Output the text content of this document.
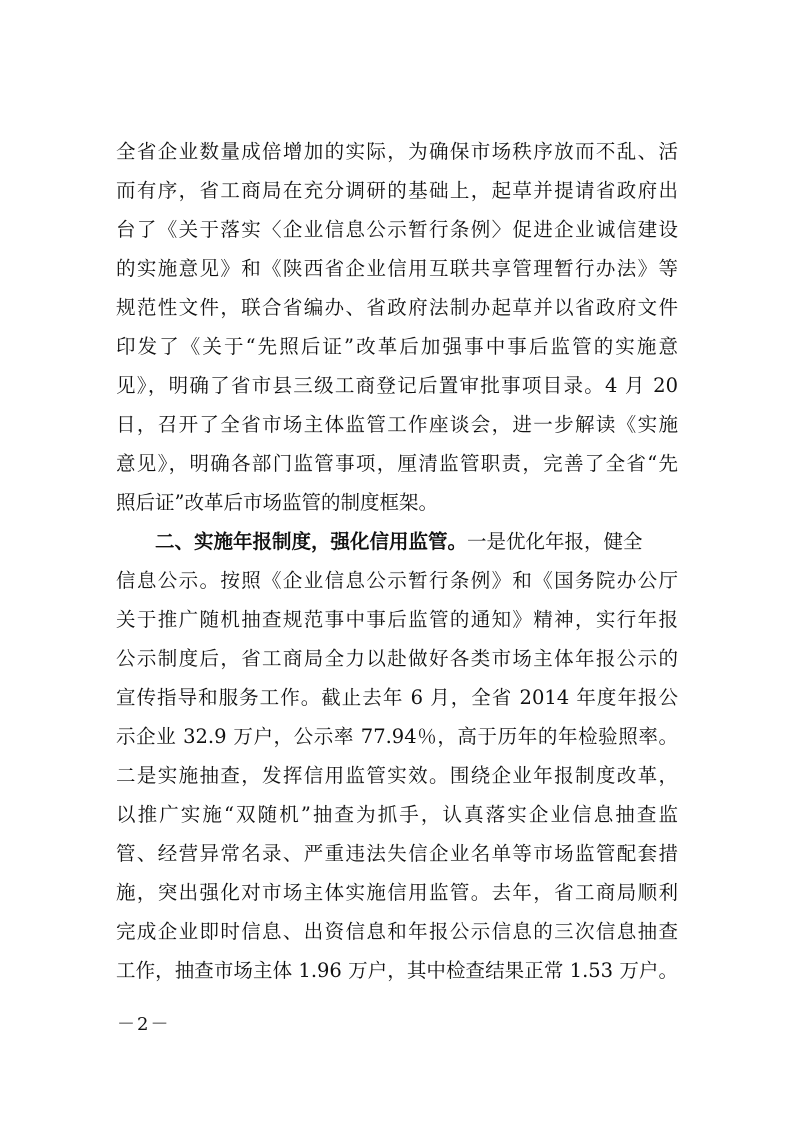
全省企业数量成倍增加的实际，为确保市场秩序放而不乱、活
而有序，省工商局在充分调研的基础上，起草并提请省政府出
台了《关于落实〈企业信息公示暂行条例〉促进企业诚信建设
的实施意见》和《陕西省企业信用互联共享管理暂行办法》等
规范性文件，联合省编办、省政府法制办起草并以省政府文件
印发了《关于“先照后证”改革后加强事中事后监管的实施意
见》，明确了省市县三级工商登记后置审批事项目录。4 月 20
日，召开了全省市场主体监管工作座谈会，进一步解读《实施
意见》，明确各部门监管事项，厘清监管职责，完善了全省“先
照后证”改革后市场监管的制度框架。
二、实施年报制度，强化信用监管。一是优化年报，健全
信息公示。按照《企业信息公示暂行条例》和《国务院办公厅
关于推广随机抽查规范事中事后监管的通知》精神，实行年报
公示制度后，省工商局全力以赴做好各类市场主体年报公示的
宣传指导和服务工作。截止去年 6 月，全省 2014 年度年报公
示企业 32.9 万户，公示率 77.94％，高于历年的年检验照率。
二是实施抽查，发挥信用监管实效。围绕企业年报制度改革，
以推广实施“双随机”抽查为抓手，认真落实企业信息抽查监
管、经营异常名录、严重违法失信企业名单等市场监管配套措
施，突出强化对市场主体实施信用监管。去年，省工商局顺利
完成企业即时信息、出资信息和年报公示信息的三次信息抽查
工作，抽查市场主体 1.96 万户，其中检查结果正常 1.53 万户。
－2－
